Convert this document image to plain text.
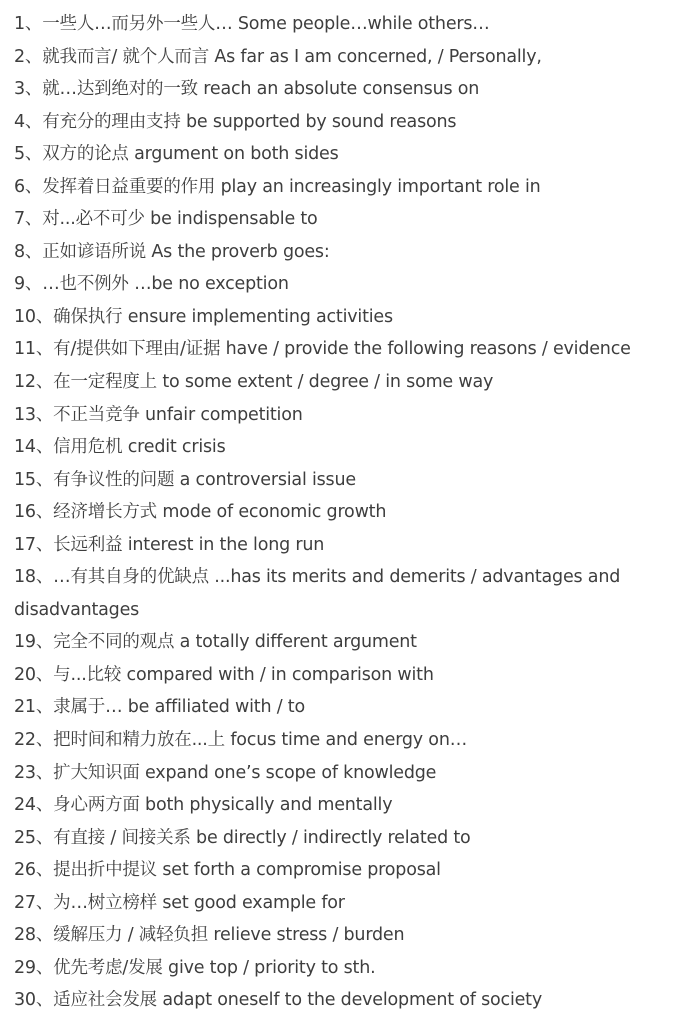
1、一些人…而另外一些人… Some people…while others…
2、就我而言/ 就个人而言 As far as I am concerned, / Personally,
3、就…达到绝对的一致 reach an absolute consensus on
4、有充分的理由支持 be supported by sound reasons
5、双方的论点 argument on both sides
6、发挥着日益重要的作用 play an increasingly important role in
7、对...必不可少 be indispensable to
8、正如谚语所说 As the proverb goes:
9、…也不例外 …be no exception
10、确保执行 ensure implementing activities
11、有/提供如下理由/证据 have / provide the following reasons / evidence
12、在一定程度上 to some extent / degree / in some way
13、不正当竞争 unfair competition
14、信用危机 credit crisis
15、有争议性的问题 a controversial issue
16、经济增长方式 mode of economic growth
17、长远利益 interest in the long run
18、…有其自身的优缺点 ...has its merits and demerits / advantages and
disadvantages
19、完全不同的观点 a totally different argument
20、与...比较 compared with / in comparison with
21、隶属于… be affiliated with / to
22、把时间和精力放在...上 focus time and energy on…
23、扩大知识面 expand one’s scope of knowledge
24、身心两方面 both physically and mentally
25、有直接 / 间接关系 be directly / indirectly related to
26、提出折中提议 set forth a compromise proposal
27、为…树立榜样 set good example for
28、缓解压力 / 减轻负担 relieve stress / burden
29、优先考虑/发展 give top / priority to sth.
30、适应社会发展 adapt oneself to the development of society
